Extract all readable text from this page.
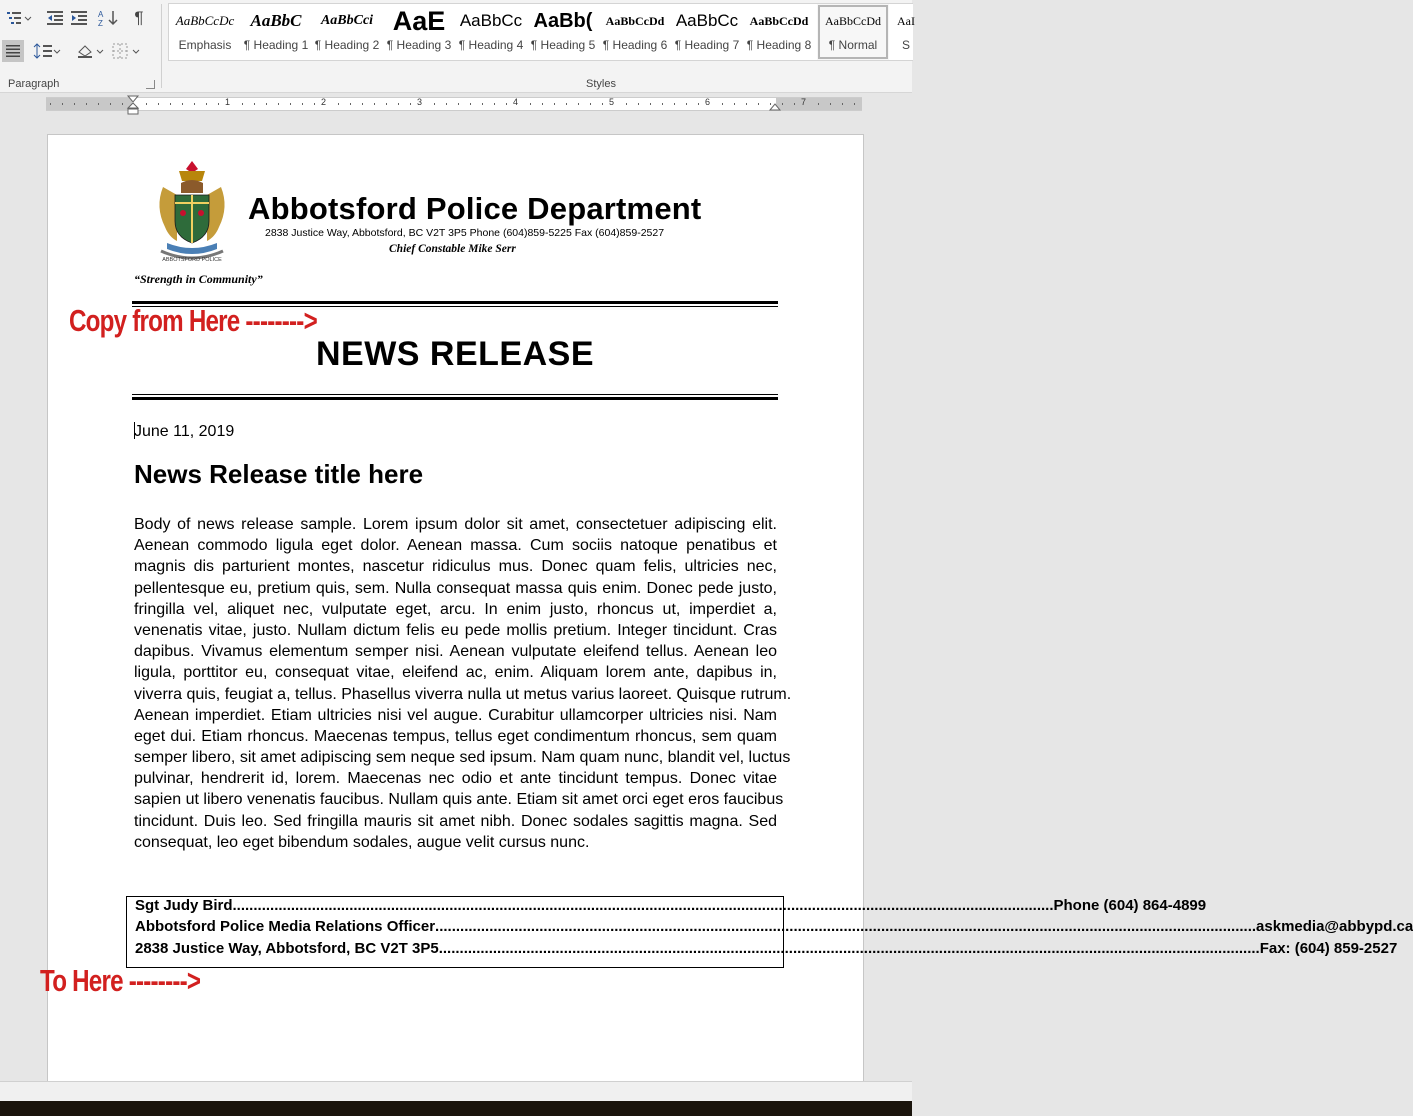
A
Z	¶
Paragraph
AaBbCcDc
Emphasis
AaBbC
¶ Heading 1
AaBbCci
¶ Heading 2
AaE
¶ Heading 3
AaBbCc
¶ Heading 4
AaBb(
¶ Heading 5
AaBbCcDd
¶ Heading 6
AaBbCc
¶ Heading 7
AaBbCcDd
¶ Heading 8
AaBbCcDd
¶ Normal
AaI
S
Styles
1	2	3	4	5	6	7
ABBOTSFORD POLICE
Abbotsford Police Department
2838 Justice Way, Abbotsford, BC V2T 3P5 Phone (604)859-5225 Fax (604)859-2527
Chief Constable Mike Serr
“Strength in Community”
NEWS RELEASE
June 11, 2019
News Release title here
Body of news release sample. Lorem ipsum dolor sit amet, consectetuer adipiscing elit.
Aenean commodo ligula eget dolor. Aenean massa. Cum sociis natoque penatibus et
magnis dis parturient montes, nascetur ridiculus mus. Donec quam felis, ultricies nec,
pellentesque eu, pretium quis, sem. Nulla consequat massa quis enim. Donec pede justo,
fringilla vel, aliquet nec, vulputate eget, arcu. In enim justo, rhoncus ut, imperdiet a,
venenatis vitae, justo. Nullam dictum felis eu pede mollis pretium. Integer tincidunt. Cras
dapibus. Vivamus elementum semper nisi. Aenean vulputate eleifend tellus. Aenean leo
ligula, porttitor eu, consequat vitae, eleifend ac, enim. Aliquam lorem ante, dapibus in,
viverra quis, feugiat a, tellus. Phasellus viverra nulla ut metus varius laoreet. Quisque rutrum.
Aenean imperdiet. Etiam ultricies nisi vel augue. Curabitur ullamcorper ultricies nisi. Nam
eget dui. Etiam rhoncus. Maecenas tempus, tellus eget condimentum rhoncus, sem quam
semper libero, sit amet adipiscing sem neque sed ipsum. Nam quam nunc, blandit vel, luctus
pulvinar, hendrerit id, lorem. Maecenas nec odio et ante tincidunt tempus. Donec vitae
sapien ut libero venenatis faucibus. Nullam quis ante. Etiam sit amet orci eget eros faucibus
tincidunt. Duis leo. Sed fringilla mauris sit amet nibh. Donec sodales sagittis magna. Sed
consequat, leo eget bibendum sodales, augue velit cursus nunc.
Sgt Judy Bird .....	Phone (604) 864-4899
Abbotsford Police Media Relations Officer .....	askmedia@abbypd.ca
2838 Justice Way, Abbotsford, BC V2T 3P5 .....	Fax: (604) 859-2527
Copy from Here -------->
To Here -------->
